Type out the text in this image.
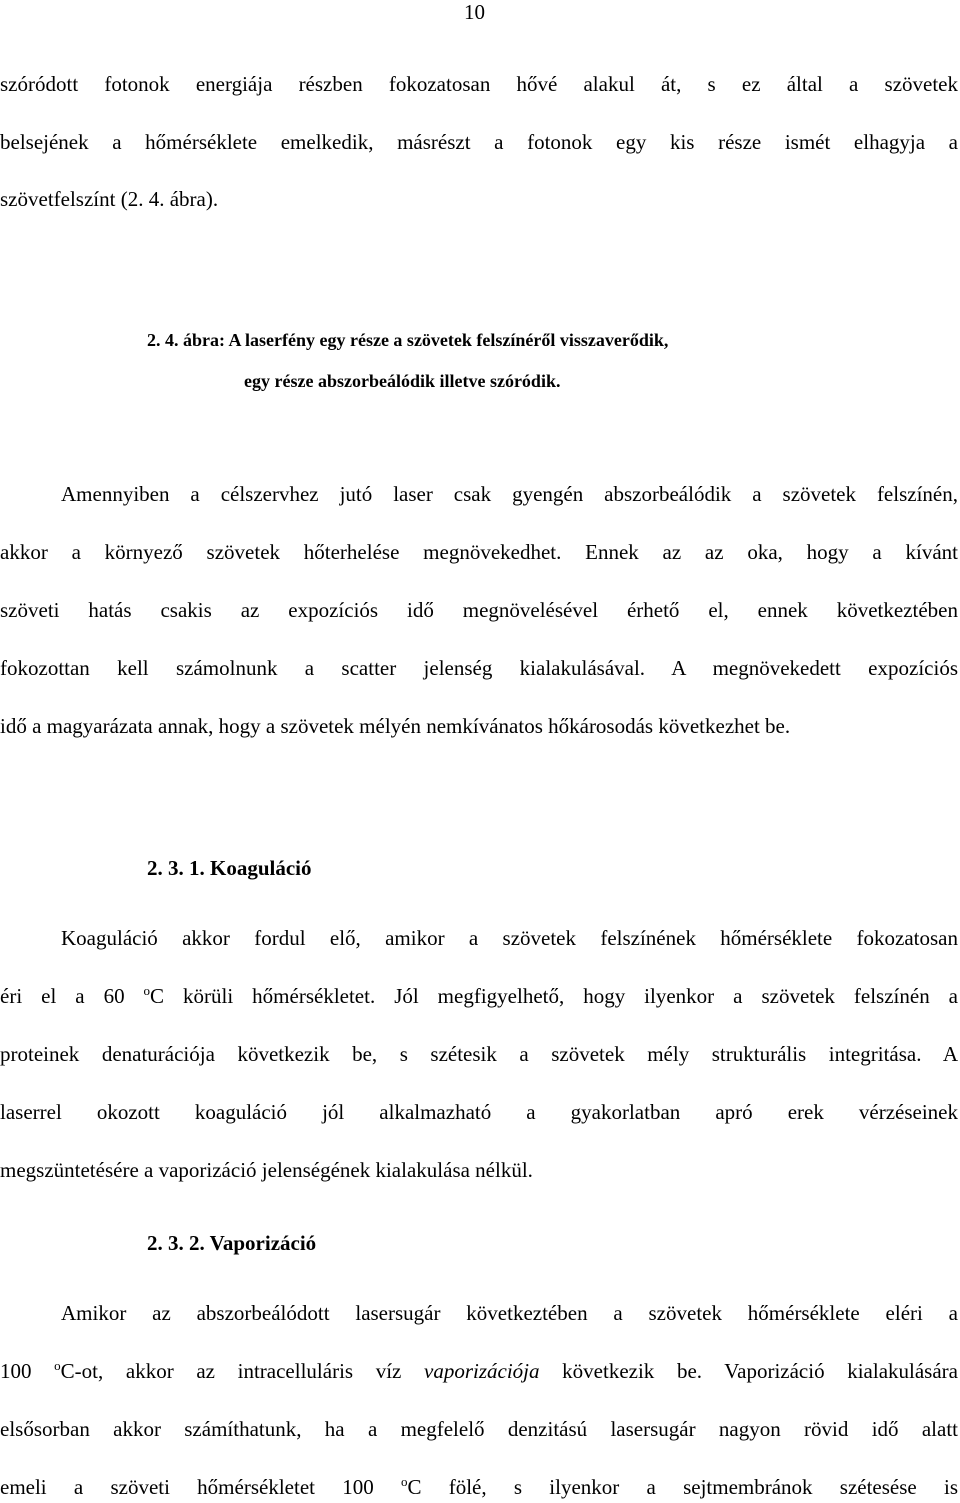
10
szóródott fotonok energiája részben fokozatosan hővé alakul át, s ez által a szövetek
belsejének a hőmérséklete emelkedik, másrészt a fotonok egy kis része ismét elhagyja a
szövetfelszínt (2. 4. ábra).
2. 4. ábra: A laserfény egy része a szövetek felszínéről visszaverődik,
egy része abszorbeálódik illetve szóródik.
Amennyiben a célszervhez jutó laser csak gyengén abszorbeálódik a szövetek felszínén,
akkor a környező szövetek hőterhelése megnövekedhet. Ennek az az oka, hogy a kívánt
szöveti hatás csakis az expozíciós idő megnövelésével érhető el, ennek következtében
fokozottan kell számolnunk a scatter jelenség kialakulásával. A megnövekedett expozíciós
idő a magyarázata annak, hogy a szövetek mélyén nemkívánatos hőkárosodás következhet be.
2. 3. 1. Koaguláció
Koaguláció akkor fordul elő, amikor a szövetek felszínének hőmérséklete fokozatosan
éri el a 60 $^o$C körüli hőmérsékletet. Jól megfigyelhető, hogy ilyenkor a szövetek felszínén a
proteinek denaturációja következik be, s szétesik a szövetek mély strukturális integritása. A
laserrel okozott koaguláció jól alkalmazható a gyakorlatban apró erek vérzéseinek
megszüntetésére a vaporizáció jelenségének kialakulása nélkül.
2. 3. 2. Vaporizáció
Amikor az abszorbeálódott lasersugár következtében a szövetek hőmérséklete eléri a
100 $^o$C-ot, akkor az intracelluláris víz vaporizációja következik be. Vaporizáció kialakulására
elsősorban akkor számíthatunk, ha a megfelelő denzitású lasersugár nagyon rövid idő alatt
emeli a szöveti hőmérsékletet 100 $^o$C fölé, s ilyenkor a sejtmembránok szétesése is
